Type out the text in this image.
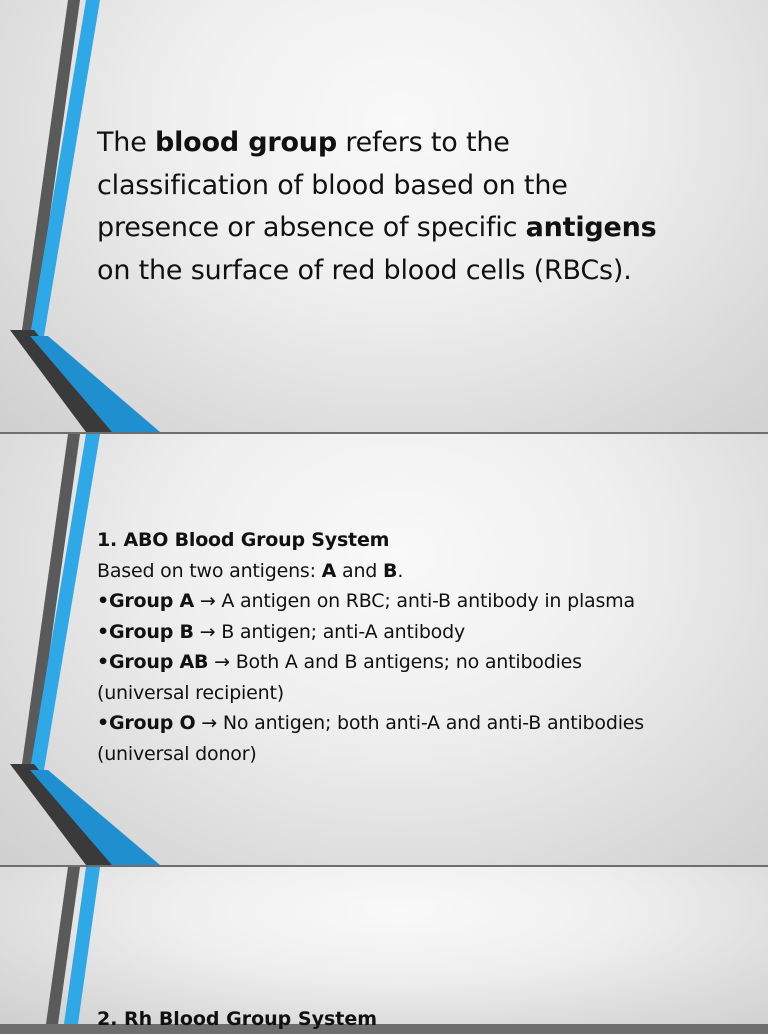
The blood group refers to the
classification of blood based on the
presence or absence of specific antigens
on the surface of red blood cells (RBCs).
1. ABO Blood Group System
Based on two antigens: A and B.
•Group A → A antigen on RBC; anti-B antibody in plasma
•Group B → B antigen; anti-A antibody
•Group AB → Both A and B antigens; no antibodies
(universal recipient)
•Group O → No antigen; both anti-A and anti-B antibodies
(universal donor)
2. Rh Blood Group System
